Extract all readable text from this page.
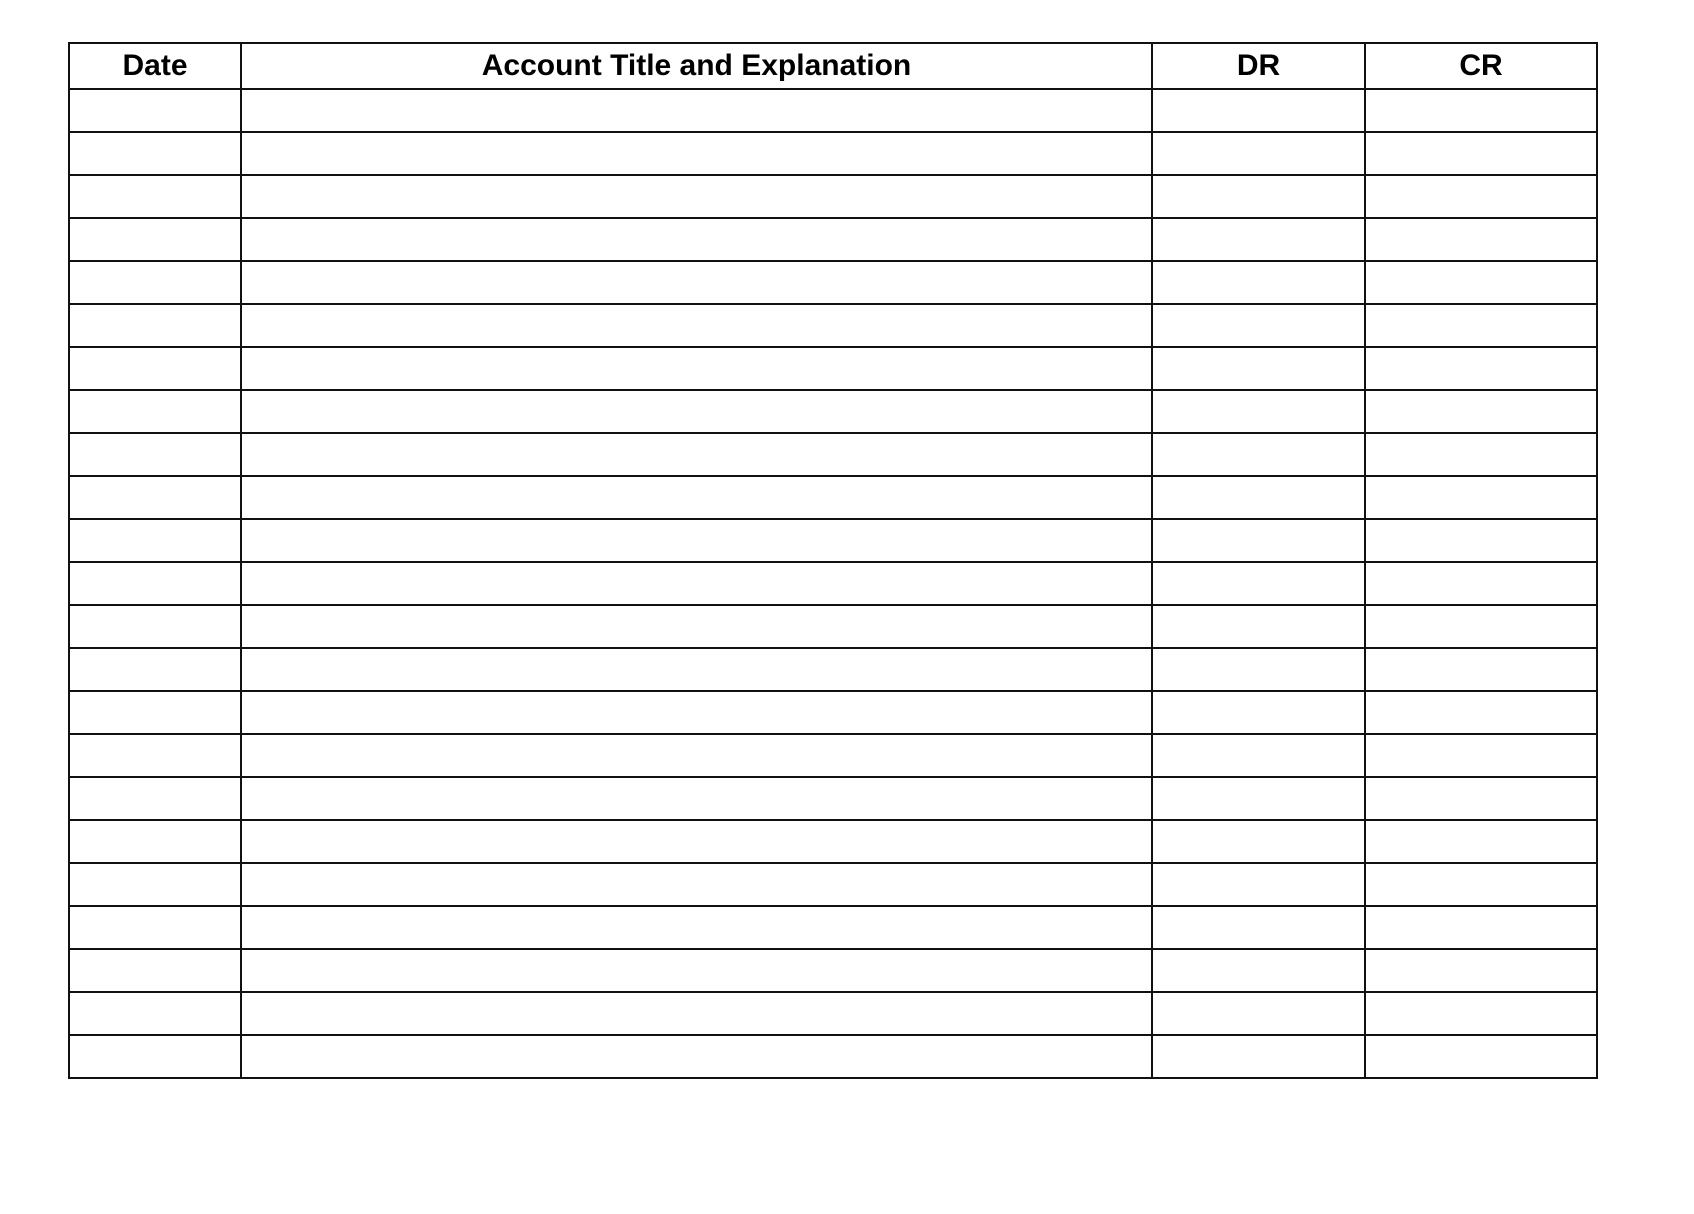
Date	Account Title and Explanation	DR	CR
